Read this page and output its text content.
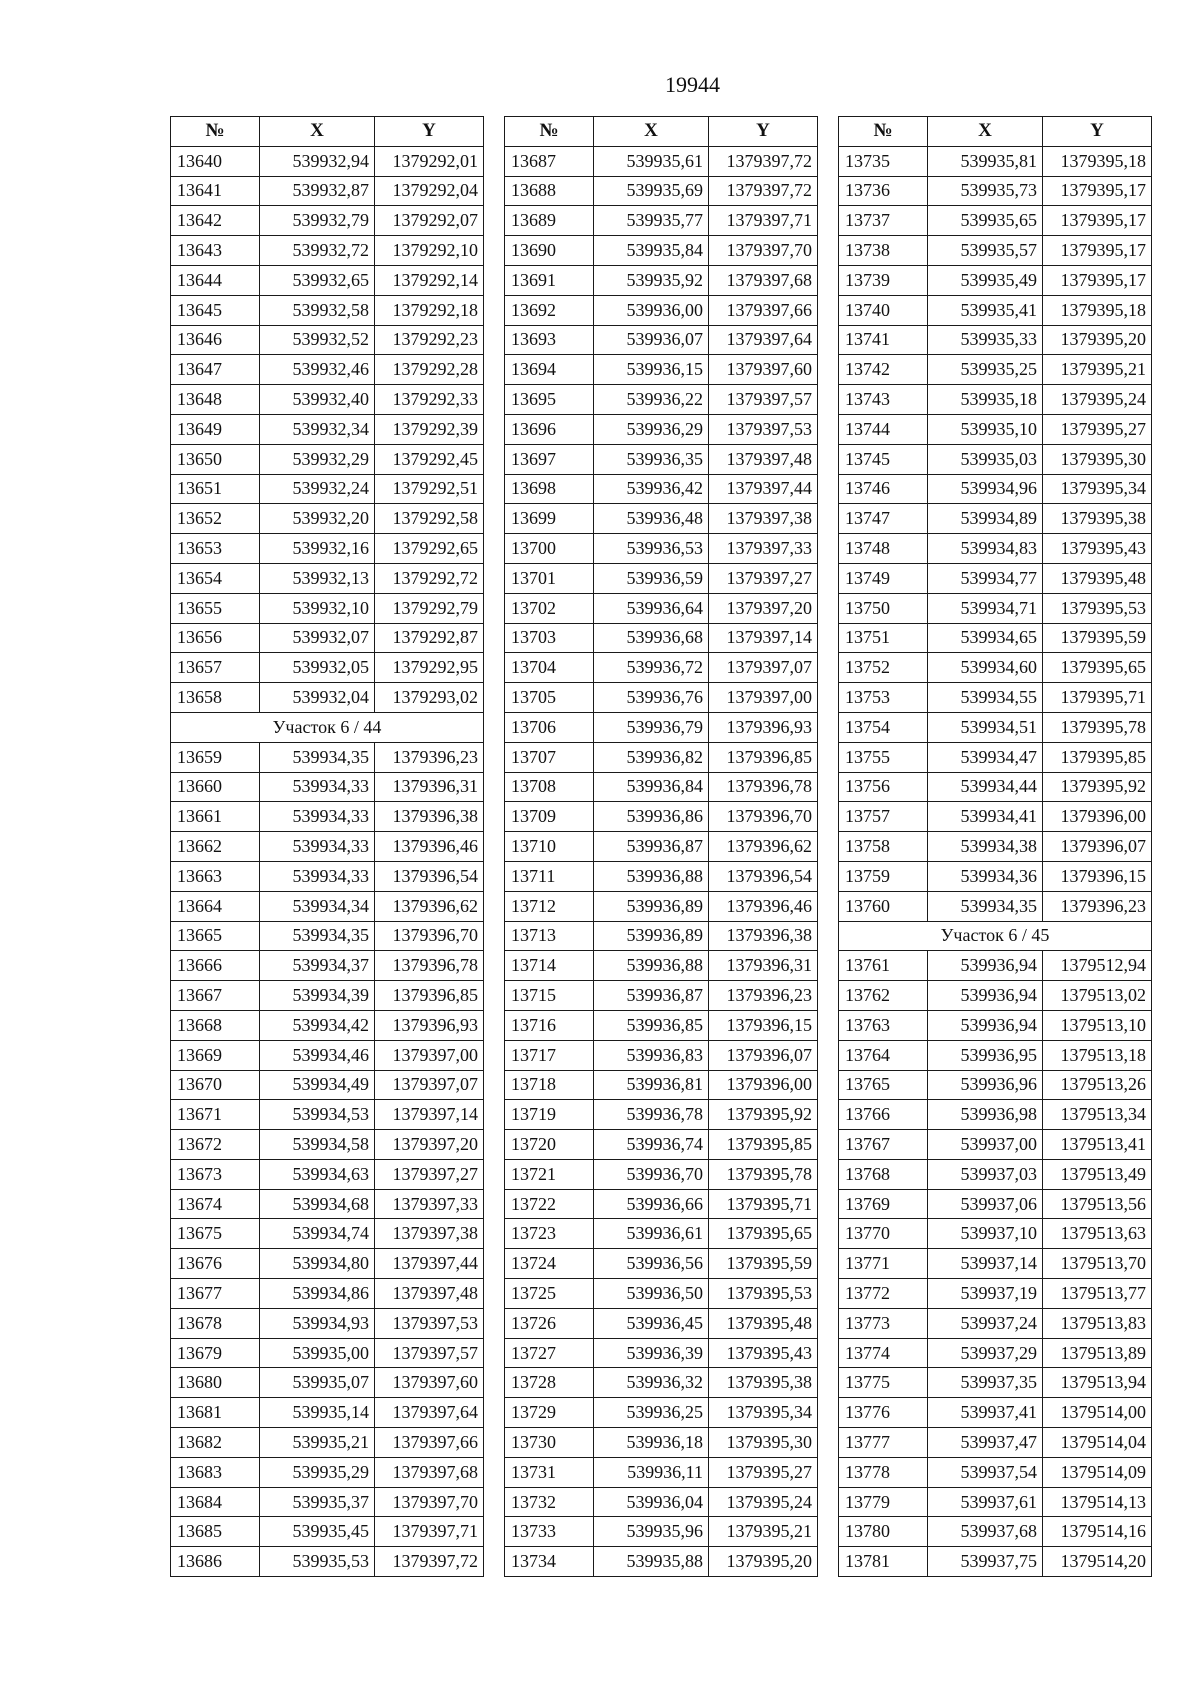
19944
№	X	Y
13640	539932,94	1379292,01
13641	539932,87	1379292,04
13642	539932,79	1379292,07
13643	539932,72	1379292,10
13644	539932,65	1379292,14
13645	539932,58	1379292,18
13646	539932,52	1379292,23
13647	539932,46	1379292,28
13648	539932,40	1379292,33
13649	539932,34	1379292,39
13650	539932,29	1379292,45
13651	539932,24	1379292,51
13652	539932,20	1379292,58
13653	539932,16	1379292,65
13654	539932,13	1379292,72
13655	539932,10	1379292,79
13656	539932,07	1379292,87
13657	539932,05	1379292,95
13658	539932,04	1379293,02
Участок 6 / 44		
13659	539934,35	1379396,23
13660	539934,33	1379396,31
13661	539934,33	1379396,38
13662	539934,33	1379396,46
13663	539934,33	1379396,54
13664	539934,34	1379396,62
13665	539934,35	1379396,70
13666	539934,37	1379396,78
13667	539934,39	1379396,85
13668	539934,42	1379396,93
13669	539934,46	1379397,00
13670	539934,49	1379397,07
13671	539934,53	1379397,14
13672	539934,58	1379397,20
13673	539934,63	1379397,27
13674	539934,68	1379397,33
13675	539934,74	1379397,38
13676	539934,80	1379397,44
13677	539934,86	1379397,48
13678	539934,93	1379397,53
13679	539935,00	1379397,57
13680	539935,07	1379397,60
13681	539935,14	1379397,64
13682	539935,21	1379397,66
13683	539935,29	1379397,68
13684	539935,37	1379397,70
13685	539935,45	1379397,71
13686	539935,53	1379397,72
№	X	Y
13687	539935,61	1379397,72
13688	539935,69	1379397,72
13689	539935,77	1379397,71
13690	539935,84	1379397,70
13691	539935,92	1379397,68
13692	539936,00	1379397,66
13693	539936,07	1379397,64
13694	539936,15	1379397,60
13695	539936,22	1379397,57
13696	539936,29	1379397,53
13697	539936,35	1379397,48
13698	539936,42	1379397,44
13699	539936,48	1379397,38
13700	539936,53	1379397,33
13701	539936,59	1379397,27
13702	539936,64	1379397,20
13703	539936,68	1379397,14
13704	539936,72	1379397,07
13705	539936,76	1379397,00
13706	539936,79	1379396,93
13707	539936,82	1379396,85
13708	539936,84	1379396,78
13709	539936,86	1379396,70
13710	539936,87	1379396,62
13711	539936,88	1379396,54
13712	539936,89	1379396,46
13713	539936,89	1379396,38
13714	539936,88	1379396,31
13715	539936,87	1379396,23
13716	539936,85	1379396,15
13717	539936,83	1379396,07
13718	539936,81	1379396,00
13719	539936,78	1379395,92
13720	539936,74	1379395,85
13721	539936,70	1379395,78
13722	539936,66	1379395,71
13723	539936,61	1379395,65
13724	539936,56	1379395,59
13725	539936,50	1379395,53
13726	539936,45	1379395,48
13727	539936,39	1379395,43
13728	539936,32	1379395,38
13729	539936,25	1379395,34
13730	539936,18	1379395,30
13731	539936,11	1379395,27
13732	539936,04	1379395,24
13733	539935,96	1379395,21
13734	539935,88	1379395,20
№	X	Y
13735	539935,81	1379395,18
13736	539935,73	1379395,17
13737	539935,65	1379395,17
13738	539935,57	1379395,17
13739	539935,49	1379395,17
13740	539935,41	1379395,18
13741	539935,33	1379395,20
13742	539935,25	1379395,21
13743	539935,18	1379395,24
13744	539935,10	1379395,27
13745	539935,03	1379395,30
13746	539934,96	1379395,34
13747	539934,89	1379395,38
13748	539934,83	1379395,43
13749	539934,77	1379395,48
13750	539934,71	1379395,53
13751	539934,65	1379395,59
13752	539934,60	1379395,65
13753	539934,55	1379395,71
13754	539934,51	1379395,78
13755	539934,47	1379395,85
13756	539934,44	1379395,92
13757	539934,41	1379396,00
13758	539934,38	1379396,07
13759	539934,36	1379396,15
13760	539934,35	1379396,23
Участок 6 / 45		
13761	539936,94	1379512,94
13762	539936,94	1379513,02
13763	539936,94	1379513,10
13764	539936,95	1379513,18
13765	539936,96	1379513,26
13766	539936,98	1379513,34
13767	539937,00	1379513,41
13768	539937,03	1379513,49
13769	539937,06	1379513,56
13770	539937,10	1379513,63
13771	539937,14	1379513,70
13772	539937,19	1379513,77
13773	539937,24	1379513,83
13774	539937,29	1379513,89
13775	539937,35	1379513,94
13776	539937,41	1379514,00
13777	539937,47	1379514,04
13778	539937,54	1379514,09
13779	539937,61	1379514,13
13780	539937,68	1379514,16
13781	539937,75	1379514,20
